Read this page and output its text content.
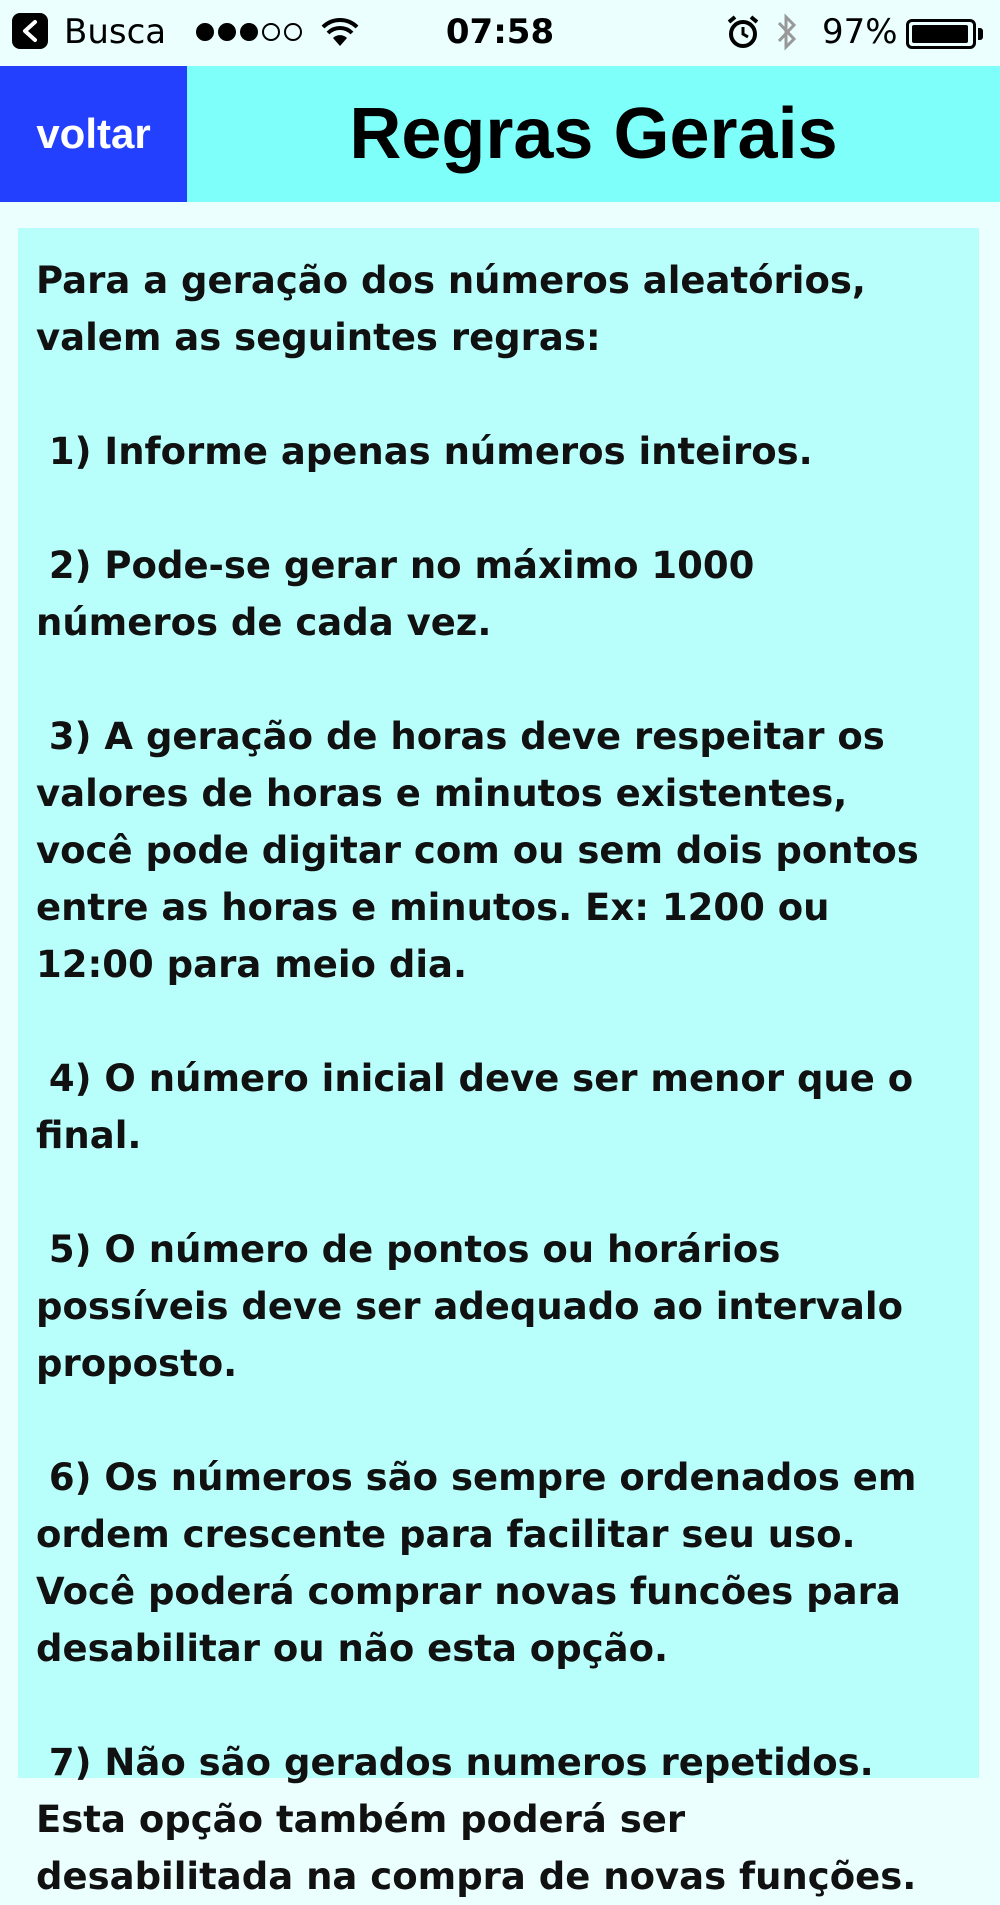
Busca	07:58	97%
voltar	Regras Gerais
Para a geração dos números aleatórios,
valem as seguintes regras:

1) Informe apenas números inteiros.

2) Pode-se gerar no máximo 1000
números de cada vez.

3) A geração de horas deve respeitar os
valores de horas e minutos existentes,
você pode digitar com ou sem dois pontos
entre as horas e minutos. Ex: 1200 ou
12:00 para meio dia.

4) O número inicial deve ser menor que o
final.

5) O número de pontos ou horários
possíveis deve ser adequado ao intervalo
proposto.

6) Os números são sempre ordenados em
ordem crescente para facilitar seu uso.
Você poderá comprar novas funcões para
desabilitar ou não esta opção.

7) Não são gerados numeros repetidos.
Esta opção também poderá ser
desabilitada na compra de novas funções.
